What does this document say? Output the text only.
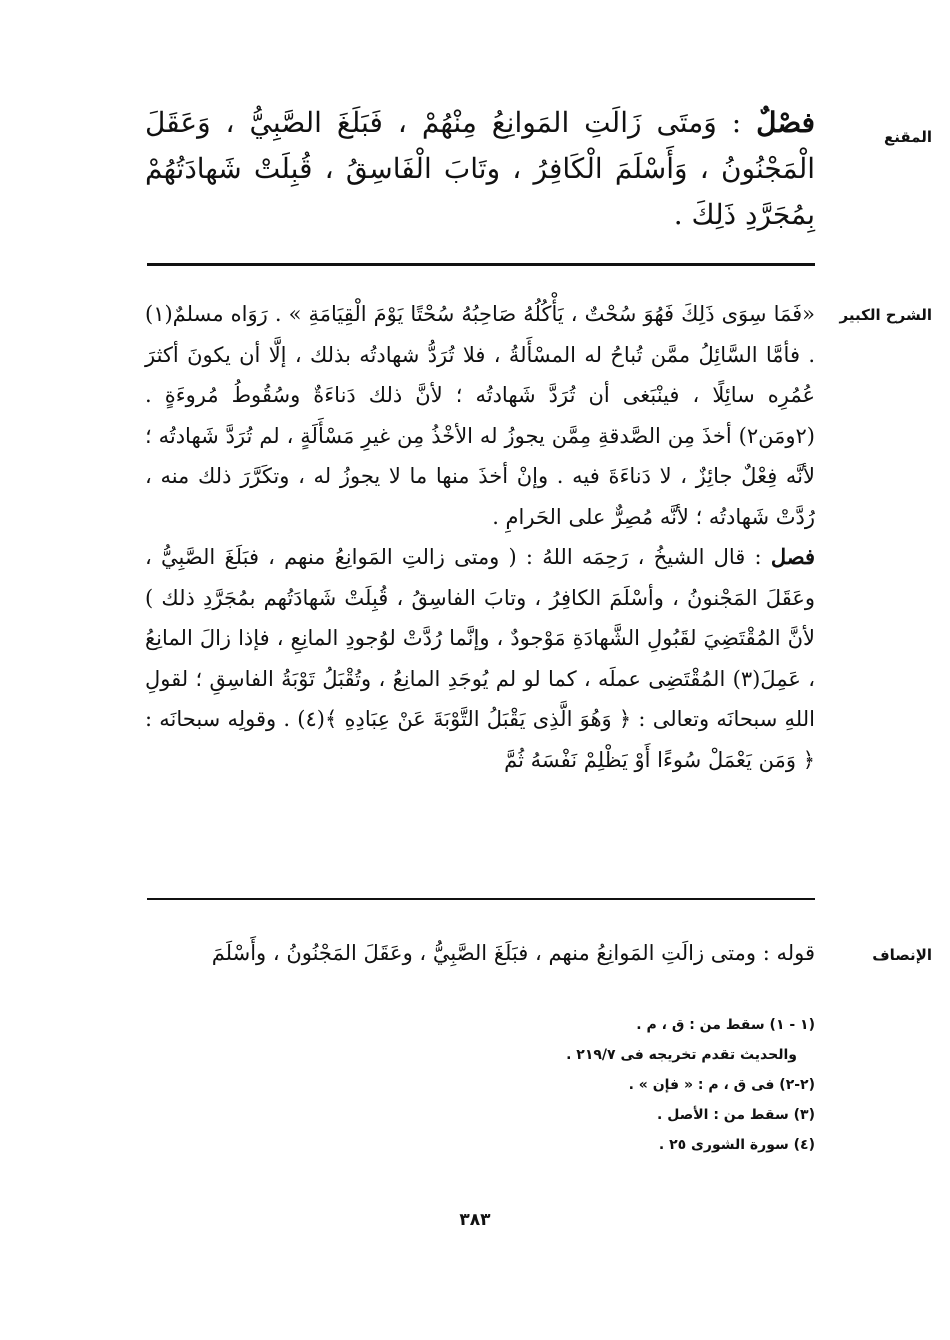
المقنع
فصْلٌ : وَمتَى زَالَتِ المَوانِعُ مِنْهُمْ ، فَبَلَغَ الصَّبِيُّ ، وَعَقَلَ الْمَجْنُونُ ، وَأَسْلَمَ الْكَافِرُ ، وتَابَ الْفَاسِقُ ، قُبِلَتْ شَهادَتُهُمْ بِمُجَرَّدِ ذَلِكَ .
الشرح الكبير

«فَمَا سِوَى ذَلِكَ فَهُوَ سُحْتٌ ، يَأْكُلُهُ صَاحِبُهُ سُحْتًا يَوْمَ الْقِيَامَةِ » . رَوَاه مسلمٌ(١) . فأمَّا السَّائِلُ ممَّن تُباحُ له المسْأَلةُ ، فلا تُرَدُّ شهادتُه بذلك ، إلَّا أن يكونَ أكثرَ عُمُرِه سائِلًا ، فينْبَغى أن تُرَدَّ شَهادتُه ؛ لأنَّ ذلك دَناءَةٌ وسُقُوطُ مُروءَةٍ . (٢ومَن٢) أخذَ مِن الصَّدقةِ مِمَّن يجوزُ له الأخْذُ مِن غيرِ مَسْأَلَةٍ ، لم تُرَدَّ شَهادتُه ؛ لأنَّه فِعْلٌ جائِزٌ ، لا دَناءَةَ فيه . وإنْ أخذَ منها ما لا يجوزُ له ، وتكَرَّرَ ذلك منه ، رُدَّتْ شَهادتُه ؛ لأنَّه مُصِرٌّ على الحَرامِ .

فصل : قال الشيخُ ، رَحِمَه اللهُ : ( ومتى زالتِ المَوانِعُ منهم ، فبَلَغَ الصَّبِيُّ ، وعَقَلَ المَجْنونُ ، وأسْلَمَ الكافِرُ ، وتابَ الفاسِقُ ، قُبِلَتْ شَهادَتُهم بمُجَرَّدِ ذلك ) لأنَّ المُقْتَضِيَ لقَبُولِ الشَّهادَةِ مَوْجودٌ ، وإنَّما رُدَّتْ لوُجودِ المانِعِ ، فإذا زالَ المانِعُ ، عَمِلَ(٣) المُقْتَضِى عملَه ، كما لو لم يُوجَدِ المانِعُ ، وتُقْبَلُ تَوْبَةُ الفاسِقِ ؛ لقولِ اللهِ سبحانَه وتعالى : ﴿ وَهُوَ الَّذِى يَقْبَلُ التَّوْبَةَ عَنْ عِبَادِهِ ﴾(٤) . وقولِه سبحانَه : ﴿ وَمَن يَعْمَلْ سُوءًا أَوْ يَظْلِمْ نَفْسَهُ ثُمَّ

الإنصاف
قوله : ومتى زالَتِ المَوانِعُ منهم ، فبَلَغَ الصَّبِيُّ ، وعَقَلَ المَجْنُونُ ، وأَسْلَمَ
(١ - ١) سقط من : ق ، م .
والحديث تقدم تخريجه فى ٢١٩/٧ .
(٢-٢) فى ق ، م : « فإن » .
(٣) سقط من : الأصل .
(٤) سورة الشورى ٢٥ .
٣٨٣
